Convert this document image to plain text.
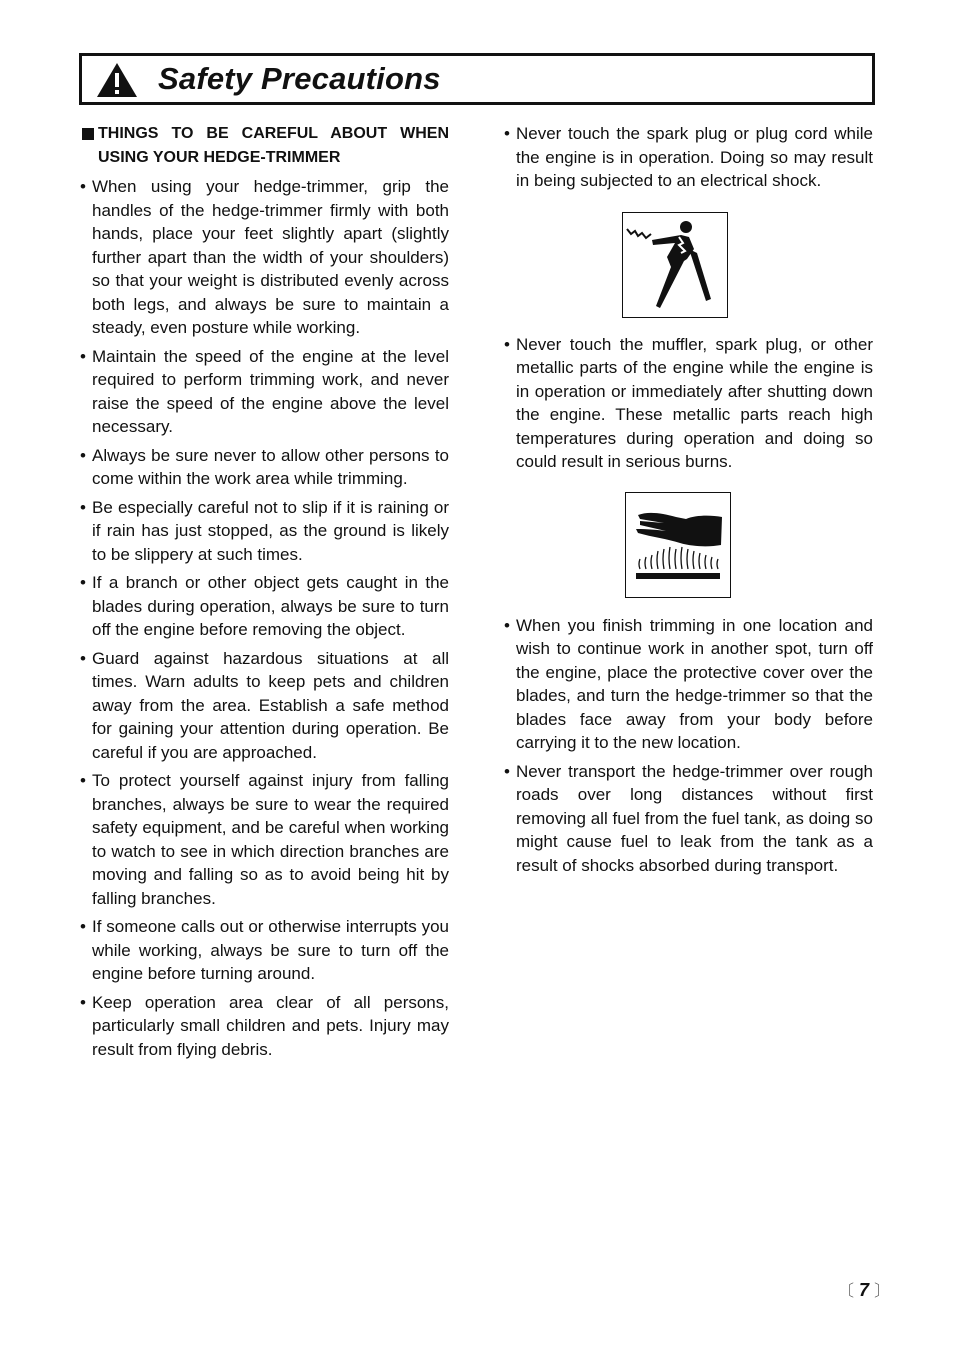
Safety Precautions
THINGS TO BE CAREFUL ABOUT WHEN USING YOUR HEDGE-TRIMMER
• When using your hedge-trimmer, grip the handles of the hedge-trimmer firmly with both hands, place your feet slightly apart (slightly further apart than the width of your shoulders) so that your weight is distributed evenly across both legs, and always be sure to maintain a steady, even posture while working.
• Maintain the speed of the engine at the level required to perform trimming work, and never raise the speed of the engine above the level necessary.
• Always be sure never to allow other persons to come within the work area while trimming.
• Be especially careful not to slip if it is raining or if rain has just stopped, as the ground is likely to be slippery at such times.
• If a branch or other object gets caught in the blades during operation, always be sure to turn off the engine before removing the object.
• Guard against hazardous situations at all times. Warn adults to keep pets and children away from the area. Establish a safe method for gaining your attention during operation. Be careful if you are approached.
• To protect yourself against injury from falling branches, always be sure to wear the required safety equipment, and be careful when working to watch to see in which direction branches are moving and falling so as to avoid being hit by falling branches.
• If someone calls out or otherwise interrupts you while working, always be sure to turn off the engine before turning around.
• Keep operation area clear of all persons, particularly small children and pets. Injury may result from flying debris.
• Never touch the spark plug or plug cord while the engine is in operation. Doing so may result in being subjected to an electrical shock.
• Never touch the muffler, spark plug, or other metallic parts of the engine while the engine is in operation or immediately after shutting down the engine. These metallic parts reach high temperatures during operation and doing so could result in serious burns.
• When you finish trimming in one location and wish to continue work in another spot, turn off the engine, place the protective cover over the blades, and turn the hedge-trimmer so that the blades face away from your body before carrying it to the new location.
• Never transport the hedge-trimmer over rough roads over long distances without first removing all fuel from the fuel tank, as doing so might cause fuel to leak from the tank as a result of shocks absorbed during transport.
〔 7 〕
